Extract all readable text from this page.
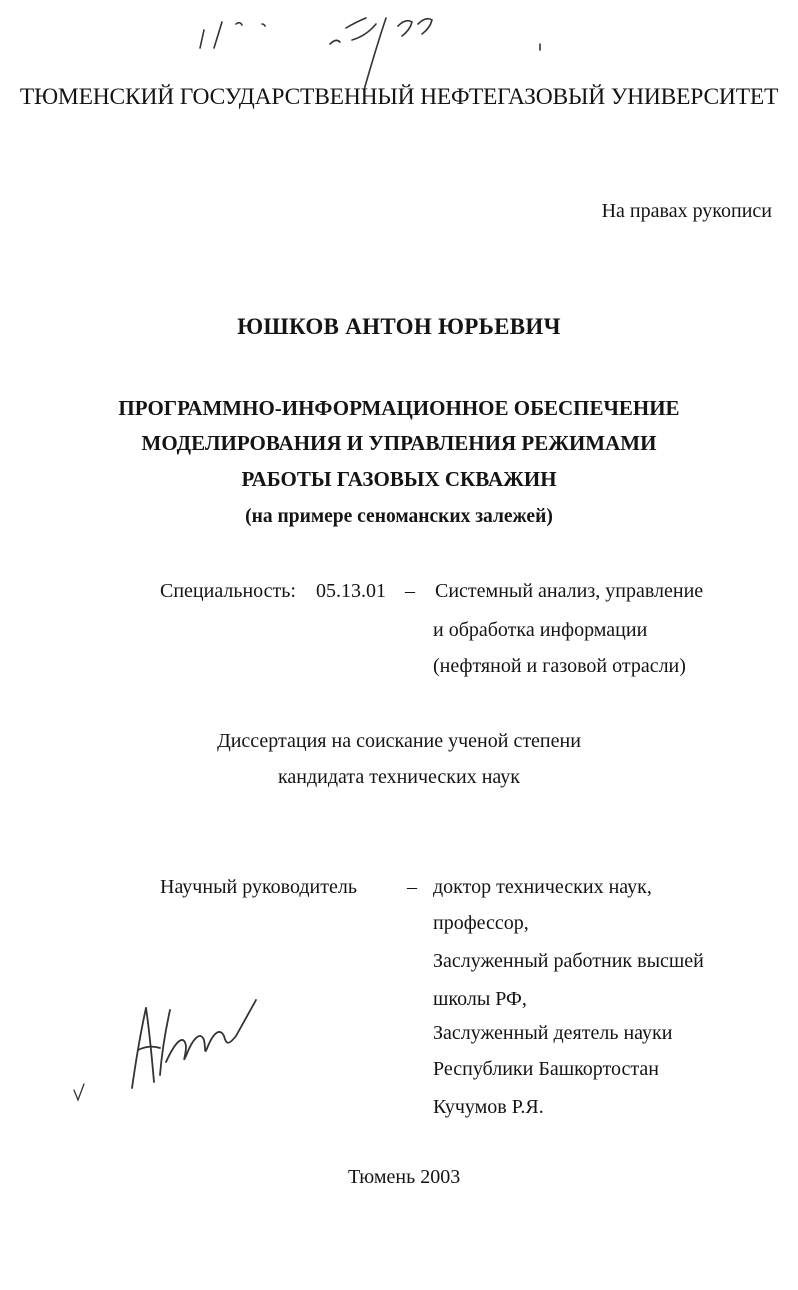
ТЮМЕНСКИЙ ГОСУДАРСТВЕННЫЙ НЕФТЕГАЗОВЫЙ УНИВЕРСИТЕТ
На правах рукописи
ЮШКОВ АНТОН ЮРЬЕВИЧ
ПРОГРАММНО-ИНФОРМАЦИОННОЕ ОБЕСПЕЧЕНИЕ
МОДЕЛИРОВАНИЯ И УПРАВЛЕНИЯ РЕЖИМАМИ
РАБОТЫ ГАЗОВЫХ СКВАЖИН
(на примере сеноманских залежей)
Специальность: 05.13.01 – Системный анализ, управление
и обработка информации
(нефтяной и газовой отрасли)
Диссертация на соискание ученой степени
кандидата технических наук
Научный руководитель	– доктор технических наук,
профессор,
Заслуженный работник высшей
школы РФ,
Заслуженный деятель науки
Республики Башкортостан
Кучумов Р.Я.
Тюмень 2003
